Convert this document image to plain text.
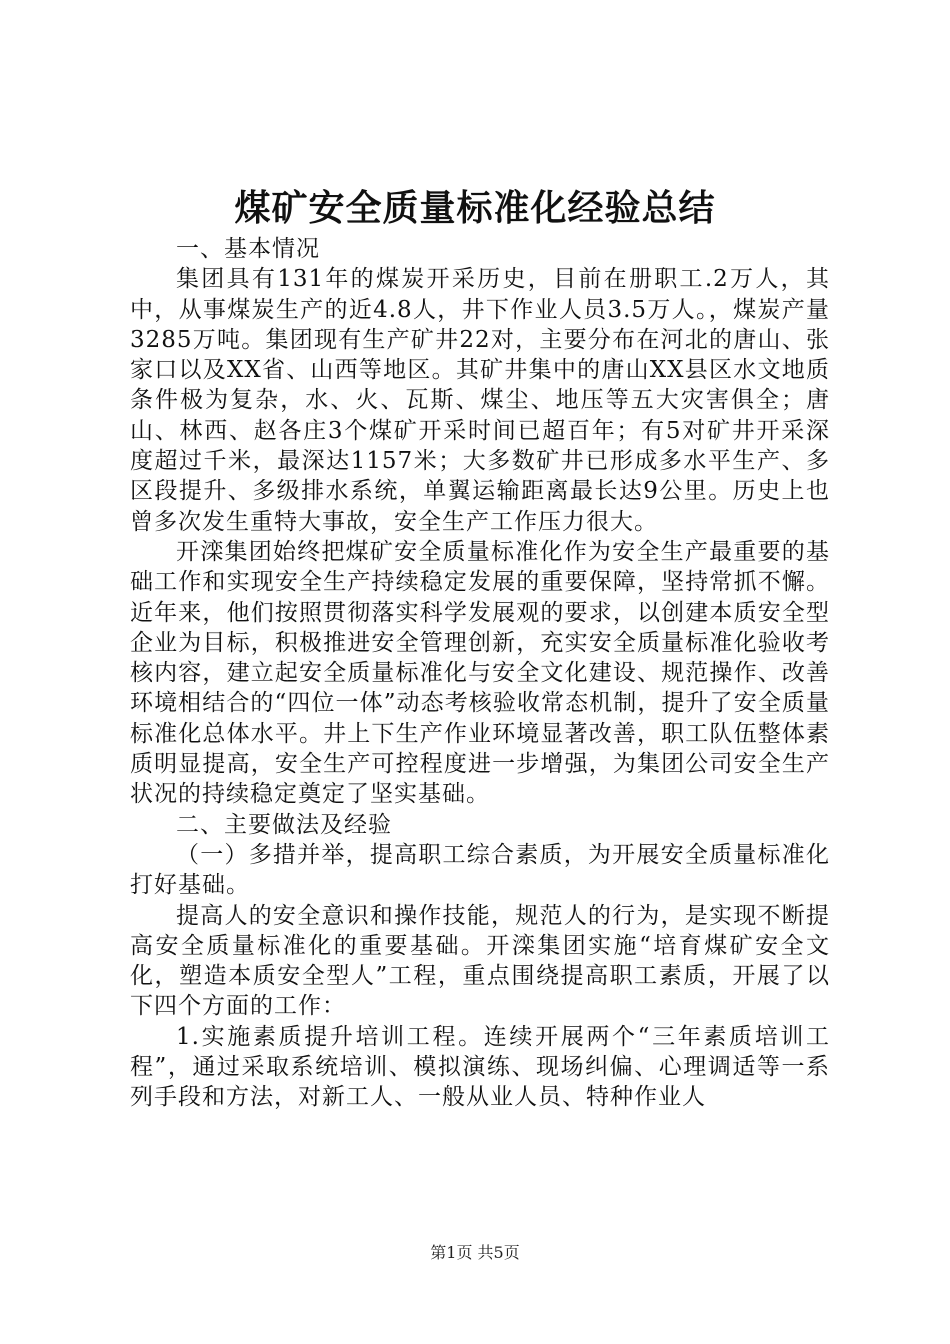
煤矿安全质量标准化经验总结

一、基本情况

集团具有131年的煤炭开采历史，目前在册职工.2万人，其中，从事煤炭生产的近4.8人，井下作业人员3.5万人。，煤炭产量3285万吨。集团现有生产矿井22对，主要分布在河北的唐山、张家口以及XX省、山西等地区。其矿井集中的唐山XX县区水文地质条件极为复杂，水、火、瓦斯、煤尘、地压等五大灾害俱全；唐山、林西、赵各庄3个煤矿开采时间已超百年；有5对矿井开采深度超过千米，最深达1157米；大多数矿井已形成多水平生产、多区段提升、多级排水系统，单翼运输距离最长达9公里。历史上也曾多次发生重特大事故，安全生产工作压力很大。

开滦集团始终把煤矿安全质量标准化作为安全生产最重要的基础工作和实现安全生产持续稳定发展的重要保障，坚持常抓不懈。近年来，他们按照贯彻落实科学发展观的要求，以创建本质安全型企业为目标，积极推进安全管理创新，充实安全质量标准化验收考核内容，建立起安全质量标准化与安全文化建设、规范操作、改善环境相结合的“四位一体”动态考核验收常态机制，提升了安全质量标准化总体水平。井上下生产作业环境显著改善，职工队伍整体素质明显提高，安全生产可控程度进一步增强，为集团公司安全生产状况的持续稳定奠定了坚实基础。

二、主要做法及经验

（一）多措并举，提高职工综合素质，为开展安全质量标准化打好基础。

提高人的安全意识和操作技能，规范人的行为，是实现不断提高安全质量标准化的重要基础。开滦集团实施“培育煤矿安全文化，塑造本质安全型人”工程，重点围绕提高职工素质，开展了以下四个方面的工作：

1.实施素质提升培训工程。连续开展两个“三年素质培训工程”，通过采取系统培训、模拟演练、现场纠偏、心理调适等一系列手段和方法，对新工人、一般从业人员、特种作业人

第1页 共5页
